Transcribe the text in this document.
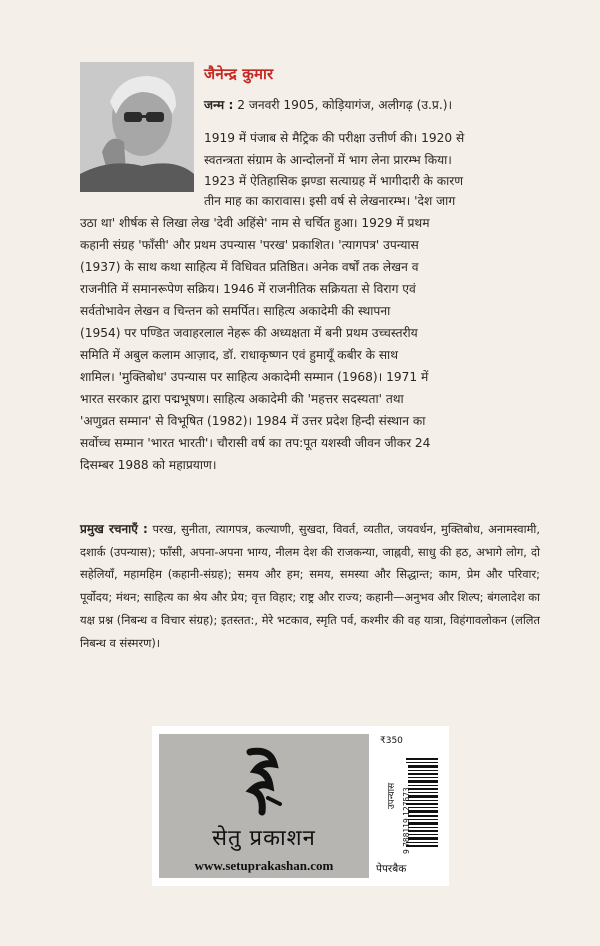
जैनेन्द्र कुमार
जन्म : 2 जनवरी 1905, कोड़ियागंज, अलीगढ़ (उ.प्र.)।
1919 में पंजाब से मैट्रिक की परीक्षा उत्तीर्ण की। 1920 से
स्वतन्त्रता संग्राम के आन्दोलनों में भाग लेना प्रारम्भ किया।
1923 में ऐतिहासिक झण्डा सत्याग्रह में भागीदारी के कारण
तीन माह का कारावास। इसी वर्ष से लेखनारम्भ। 'देश जाग
उठा था' शीर्षक से लिखा लेख 'देवी अहिंसे' नाम से चर्चित हुआ। 1929 में प्रथम
कहानी संग्रह 'फाँसी' और प्रथम उपन्यास 'परख' प्रकाशित। 'त्यागपत्र' उपन्यास
(1937) के साथ कथा साहित्य में विधिवत प्रतिष्ठित। अनेक वर्षों तक लेखन व
राजनीति में समानरूपेण सक्रिय। 1946 में राजनीतिक सक्रियता से विराग एवं
सर्वतोभावेन लेखन व चिन्तन को समर्पित। साहित्य अकादेमी की स्थापना
(1954) पर पण्डित जवाहरलाल नेहरू की अध्यक्षता में बनी प्रथम उच्चस्तरीय
समिति में अबुल कलाम आज़ाद, डॉ. राधाकृष्णन एवं हुमायूँ कबीर के साथ
शामिल। 'मुक्तिबोध' उपन्यास पर साहित्य अकादेमी सम्मान (1968)। 1971 में
भारत सरकार द्वारा पद्मभूषण। साहित्य अकादेमी की 'महत्तर सदस्यता' तथा
'अणुव्रत सम्मान' से विभूषित (1982)। 1984 में उत्तर प्रदेश हिन्दी संस्थान का
सर्वोच्च सम्मान 'भारत भारती'। चौरासी वर्ष का तप:पूत यशस्वी जीवन जीकर 24
दिसम्बर 1988 को महाप्रयाण।
प्रमुख रचनाएँ : परख, सुनीता, त्यागपत्र, कल्याणी, सुखदा, विवर्त, व्यतीत, जयवर्धन, मुक्तिबोध, अनामस्वामी, दशार्क (उपन्यास); फाँसी, अपना-अपना भाग्य, नीलम देश की राजकन्या, जाह्नवी, साधु की हठ, अभागे लोग, दो सहेलियाँ, महामहिम (कहानी-संग्रह); समय और हम; समय, समस्या और सिद्धान्त; काम, प्रेम और परिवार; पूर्वोदय; मंथन; साहित्य का श्रेय और प्रेय; वृत्त विहार; राष्ट्र और राज्य; कहानी—अनुभव और शिल्प; बंगलादेश का यक्ष प्रश्न (निबन्ध व विचार संग्रह); इतस्तत:, मेरे भटकाव, स्मृति पर्व, कश्मीर की वह यात्रा, विहंगावलोकन (ललित निबन्ध व संस्मरण)।
सेतु प्रकाशन
www.setuprakashan.com
₹350
उपन्यास 9 788119 127573
पेपरबैक
